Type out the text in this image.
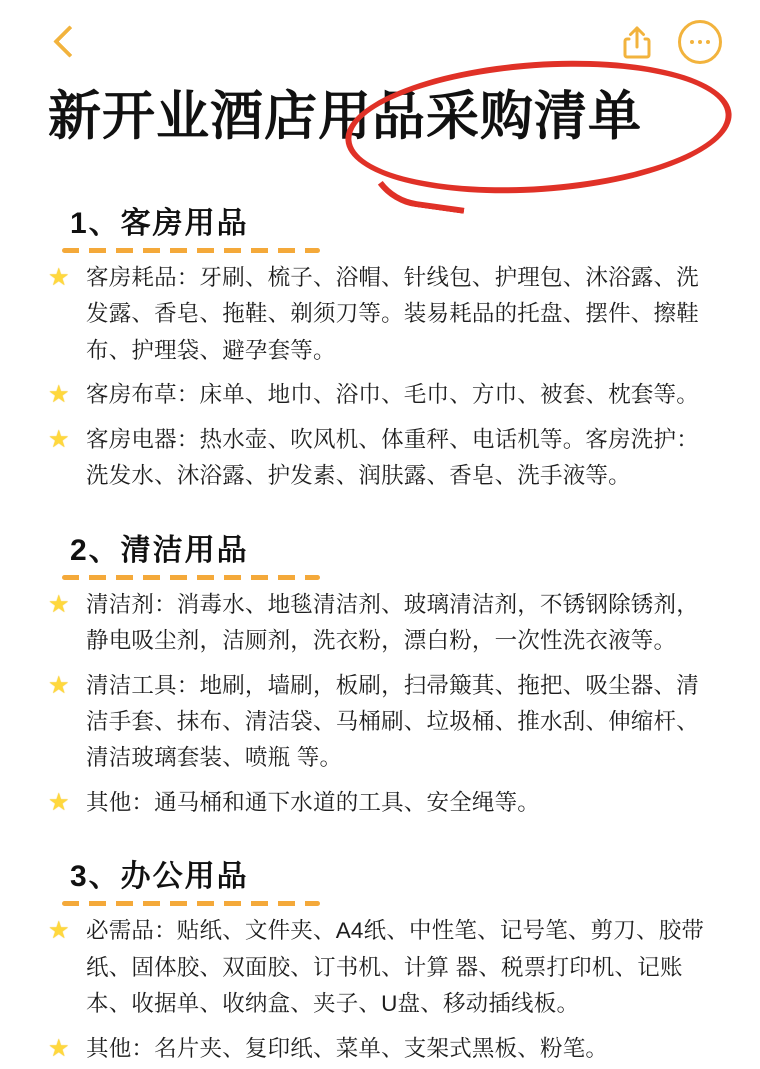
新开业酒店用品采购清单
1、客房用品
★ 客房耗品：牙刷、梳子、浴帽、针线包、护理包、沐浴露、洗发露、香皂、拖鞋、剃须刀等。装易耗品的托盘、摆件、擦鞋布、护理袋、避孕套等。
★ 客房布草：床单、地巾、浴巾、毛巾、方巾、被套、枕套等。
★ 客房电器：热水壶、吹风机、体重秤、电话机等。客房洗护：洗发水、沐浴露、护发素、润肤露、香皂、洗手液等。
2、清洁用品
★ 清洁剂：消毒水、地毯清洁剂、玻璃清洁剂，不锈钢除锈剂，静电吸尘剂，洁厕剂，洗衣粉，漂白粉，一次性洗衣液等。
★ 清洁工具：地刷，墙刷，板刷，扫帚簸萁、拖把、吸尘器、清洁手套、抹布、清洁袋、马桶刷、垃圾桶、推水刮、伸缩杆、清洁玻璃套装、喷瓶 等。
★ 其他：通马桶和通下水道的工具、安全绳等。
3、办公用品
★ 必需品：贴纸、文件夹、A4纸、中性笔、记号笔、剪刀、胶带纸、固体胶、双面胶、订书机、计算 器、税票打印机、记账本、收据单、收纳盒、夹子、U盘、移动插线板。
★ 其他：名片夹、复印纸、菜单、支架式黑板、粉笔。
